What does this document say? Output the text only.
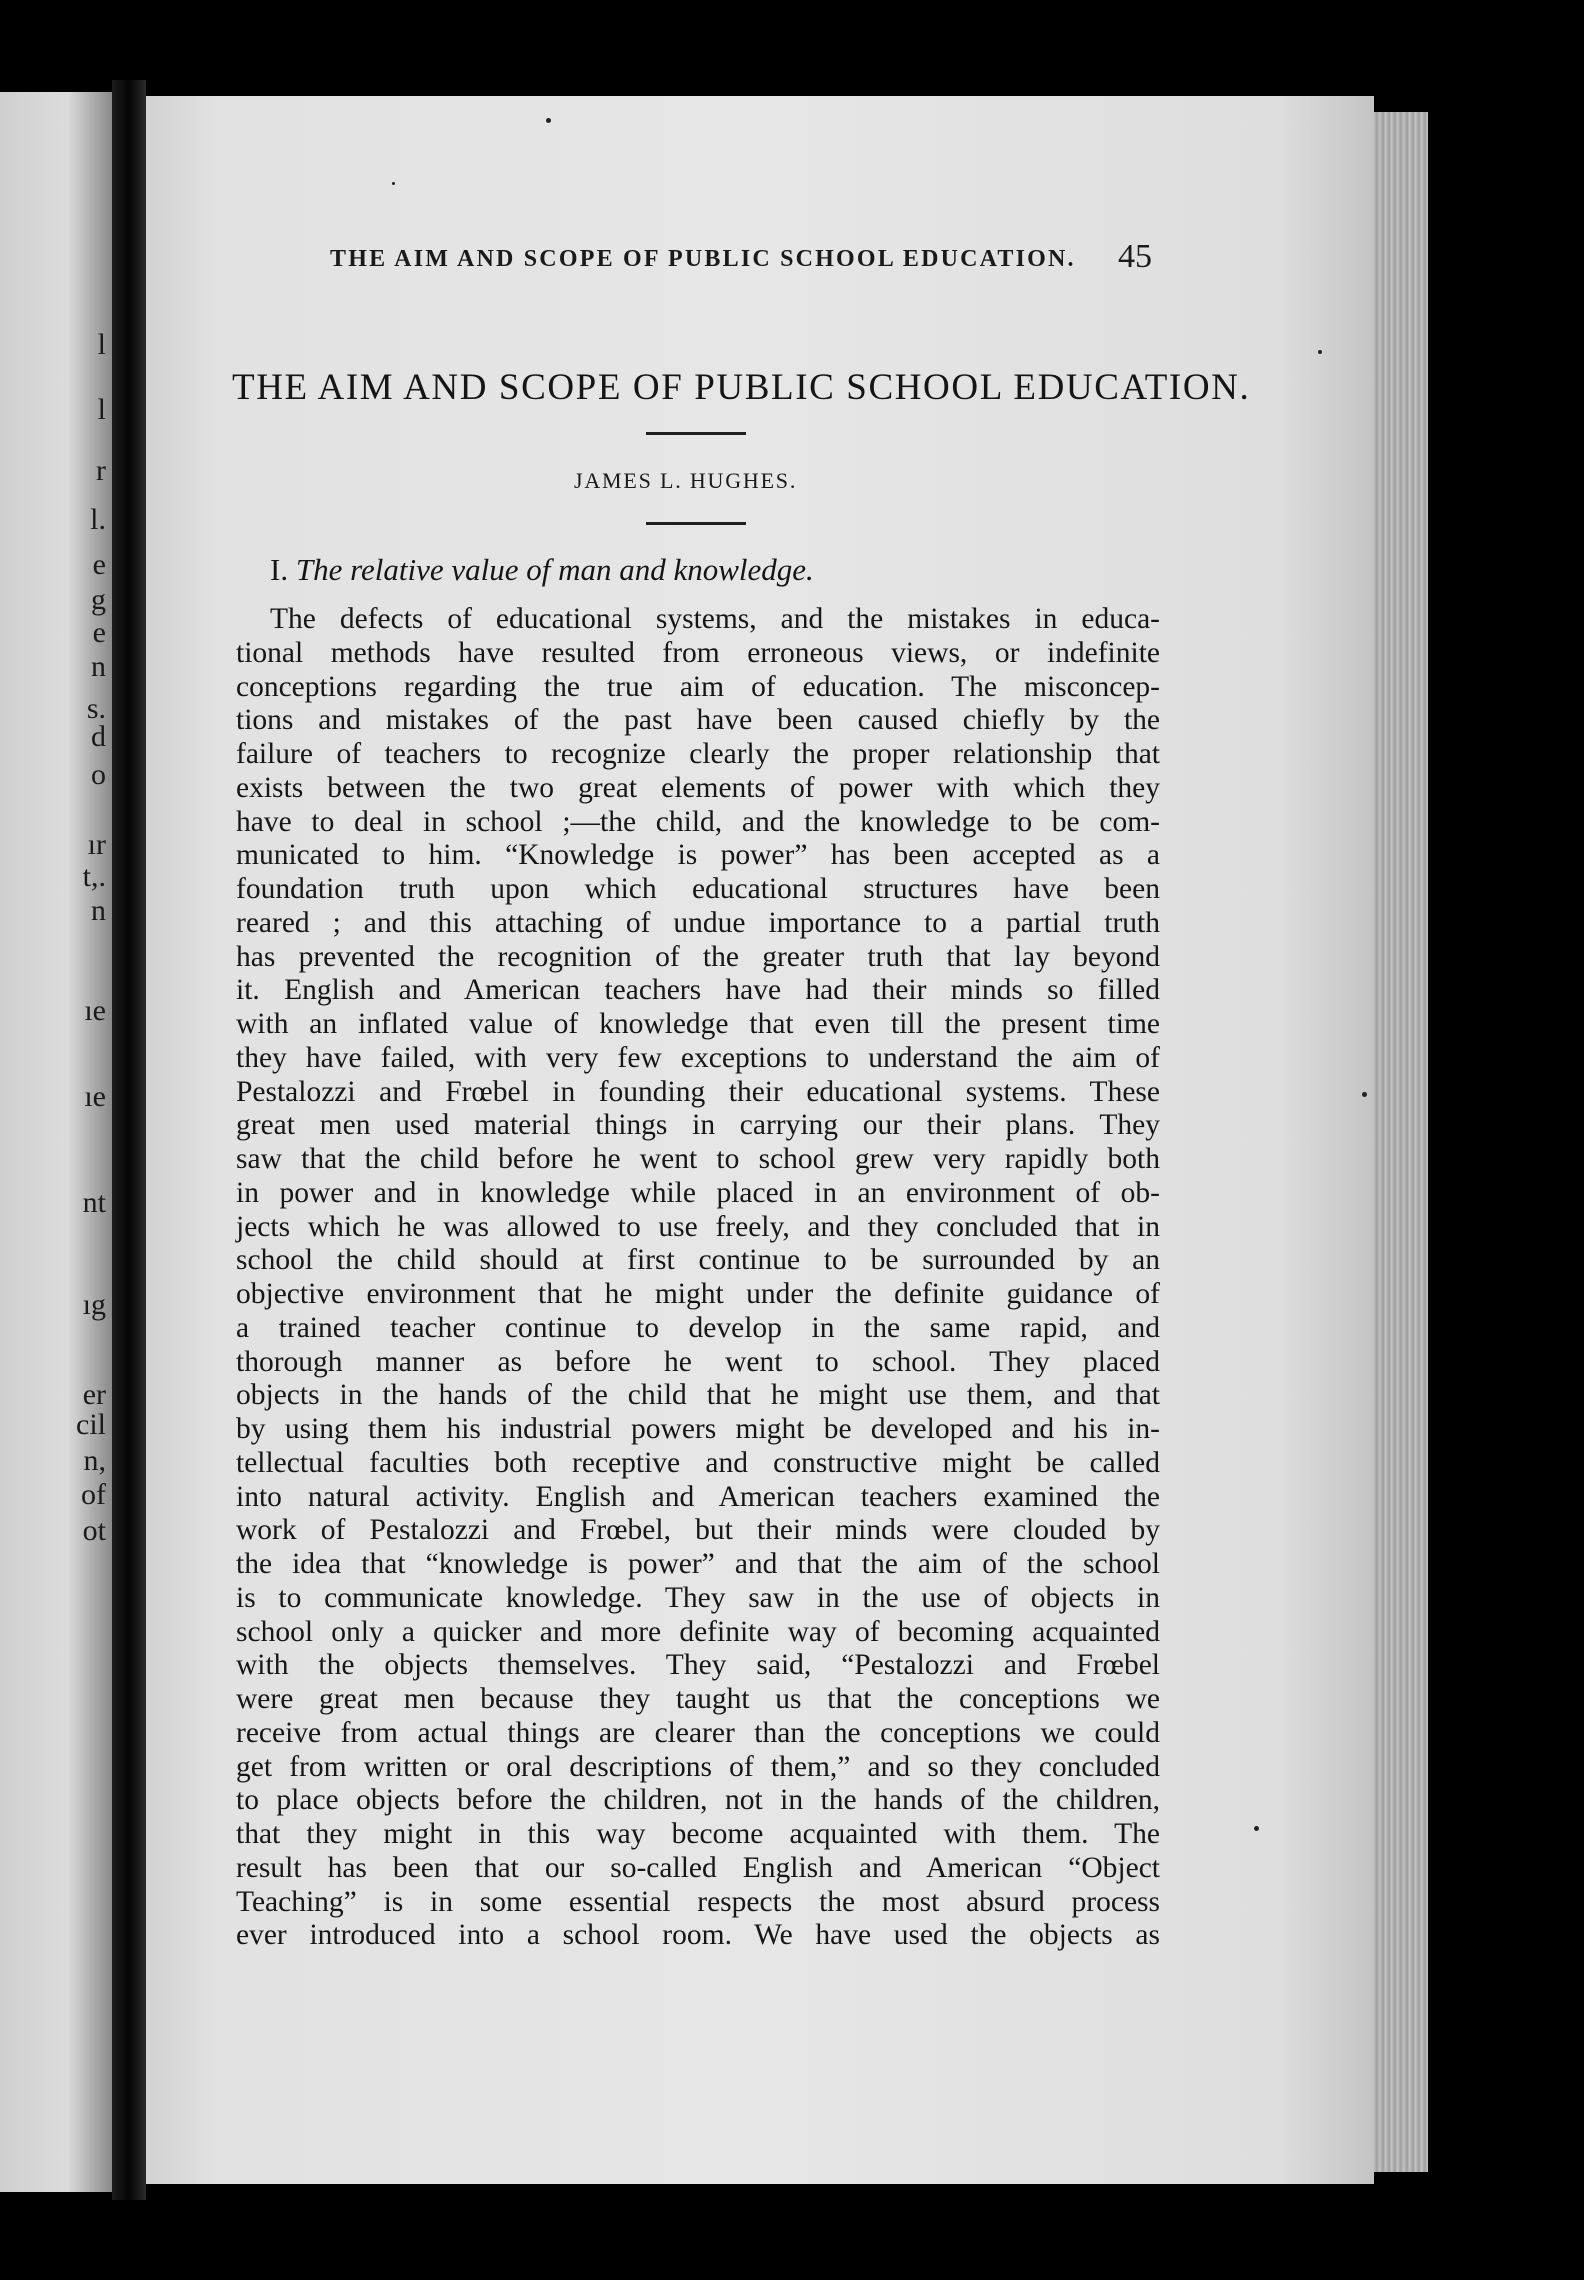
l
l
r
l.
e
g
e
n
s.
d
o
ır
t,.
n
ıe
ıe
nt
ıg
er
cil
n,
of
ot
THE AIM AND SCOPE OF PUBLIC SCHOOL EDUCATION. 45
THE AIM AND SCOPE OF PUBLIC SCHOOL EDUCATION.
JAMES L. HUGHES.
I. The relative value of man and knowledge.
The defects of educational systems, and the mistakes in educa-
tional methods have resulted from erroneous views, or indefinite
conceptions regarding the true aim of education. The misconcep-
tions and mistakes of the past have been caused chiefly by the
failure of teachers to recognize clearly the proper relationship that
exists between the two great elements of power with which they
have to deal in school ;—the child, and the knowledge to be com-
municated to him. “Knowledge is power” has been accepted as a
foundation truth upon which educational structures have been
reared ; and this attaching of undue importance to a partial truth
has prevented the recognition of the greater truth that lay beyond
it. English and American teachers have had their minds so filled
with an inflated value of knowledge that even till the present time
they have failed, with very few exceptions to understand the aim of
Pestalozzi and Frœbel in founding their educational systems. These
great men used material things in carrying our their plans. They
saw that the child before he went to school grew very rapidly both
in power and in knowledge while placed in an environment of ob-
jects which he was allowed to use freely, and they concluded that in
school the child should at first continue to be surrounded by an
objective environment that he might under the definite guidance of
a trained teacher continue to develop in the same rapid, and
thorough manner as before he went to school. They placed
objects in the hands of the child that he might use them, and that
by using them his industrial powers might be developed and his in-
tellectual faculties both receptive and constructive might be called
into natural activity. English and American teachers examined the
work of Pestalozzi and Frœbel, but their minds were clouded by
the idea that “knowledge is power” and that the aim of the school
is to communicate knowledge. They saw in the use of objects in
school only a quicker and more definite way of becoming acquainted
with the objects themselves. They said, “Pestalozzi and Frœbel
were great men because they taught us that the conceptions we
receive from actual things are clearer than the conceptions we could
get from written or oral descriptions of them,” and so they concluded
to place objects before the children, not in the hands of the children,
that they might in this way become acquainted with them. The
result has been that our so-called English and American “Object
Teaching” is in some essential respects the most absurd process
ever introduced into a school room. We have used the objects as
